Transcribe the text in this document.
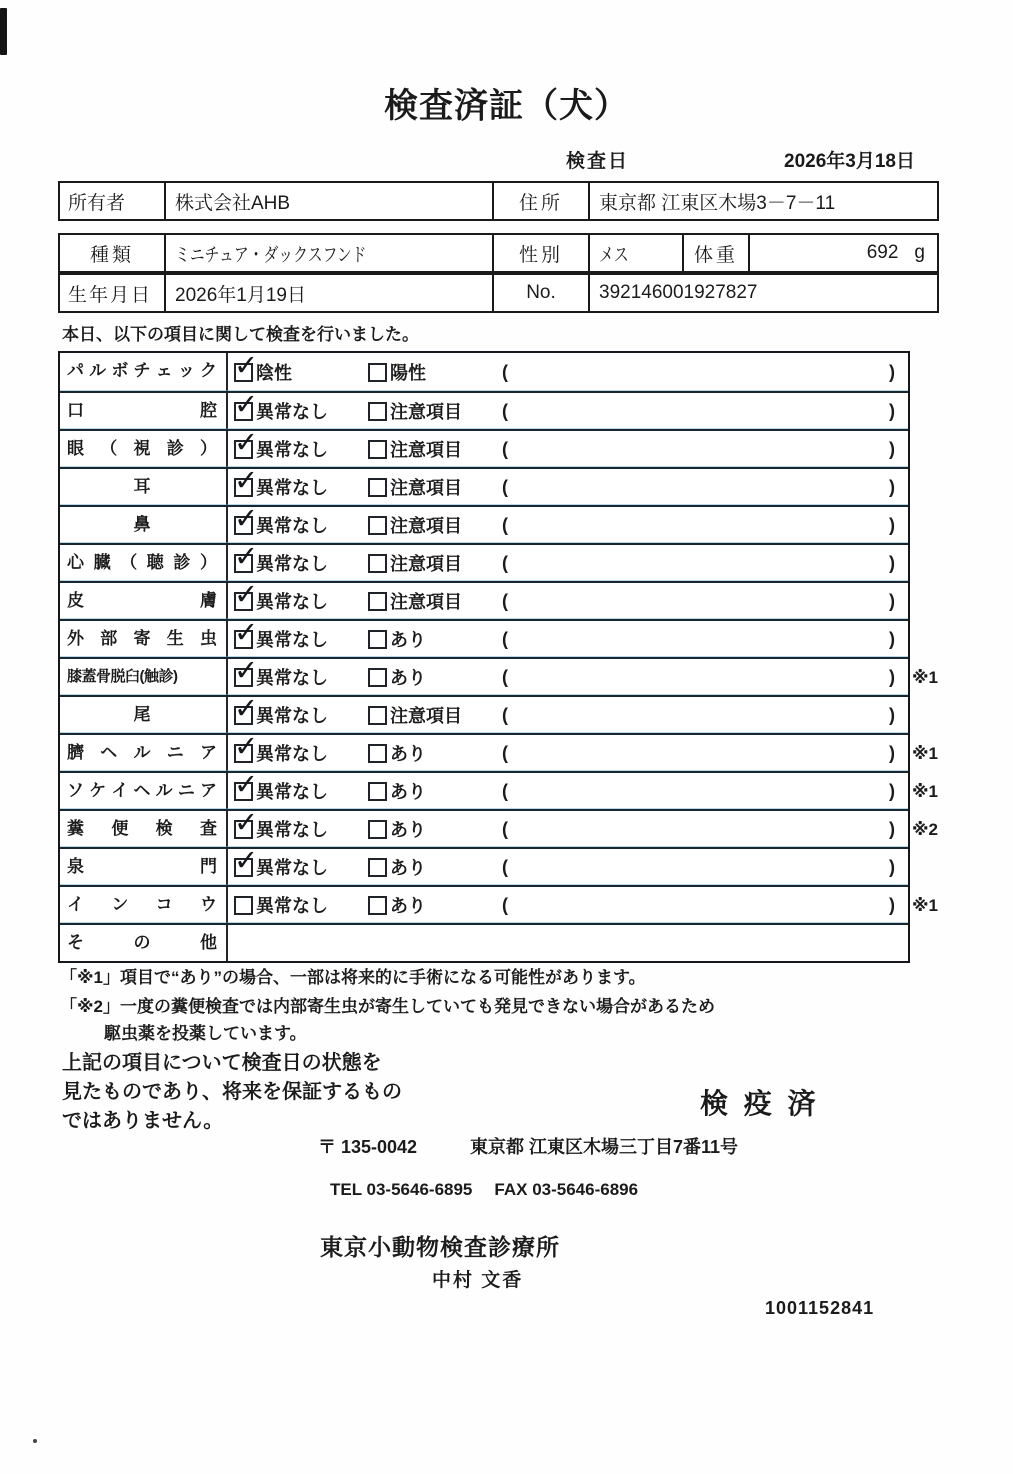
検査済証（犬）
検査日	2026年3月18日
所有者	株式会社AHB	住所	東京都 江東区木場3－7－11
種類	ミニチュア・ダックスフンド	性別	メス	体重	692 g
生年月日	2026年1月19日	No.	392146001927827
本日、以下の項目に関して検査を行いました。
パ ル ボ チ ェ ッ ク ✓	陰性	陽性	(	)
口 腔 ✓	異常なし	注意項目 (	)
眼 （ 視 診 ） ✓	異常なし	注意項目 (	)
耳 ✓	異常なし	注意項目 (	)
鼻 ✓	異常なし	注意項目 (	)
心 臓 （ 聴 診 ） ✓	異常なし	注意項目 (	)
皮 膚 ✓	異常なし	注意項目 (	)
外 部 寄 生 虫 ✓	異常なし	あり	(	)
膝蓋骨脱臼(触診) ✓	異常なし	あり	(	) ※1
尾 ✓	異常なし	注意項目 (	)
臍 ヘ ル ニ ア ✓	異常なし	あり	(	) ※1
ソ ケ イ ヘ ル ニ ア ✓	異常なし	あり	(	) ※1
糞 便 検 査 ✓	異常なし	あり	(	) ※2
泉 門 ✓	異常なし	あり	(	)
イ ン コ ウ	異常なし	あり	(	) ※1
そ の 他
「※1」項目で“あり”の場合、一部は将来的に手術になる可能性があります。
「※2」一度の糞便検査では内部寄生虫が寄生していても発見できない場合があるため
駆虫薬を投薬しています。
上記の項目について検査日の状態を
見たものであり、将来を保証するもの
ではありません。
検 疫 済
〒 135-0042	東京都 江東区木場三丁目7番11号
TEL 03-5646-6895 FAX 03-5646-6896
東京小動物検査診療所
中村 文香
1001152841
